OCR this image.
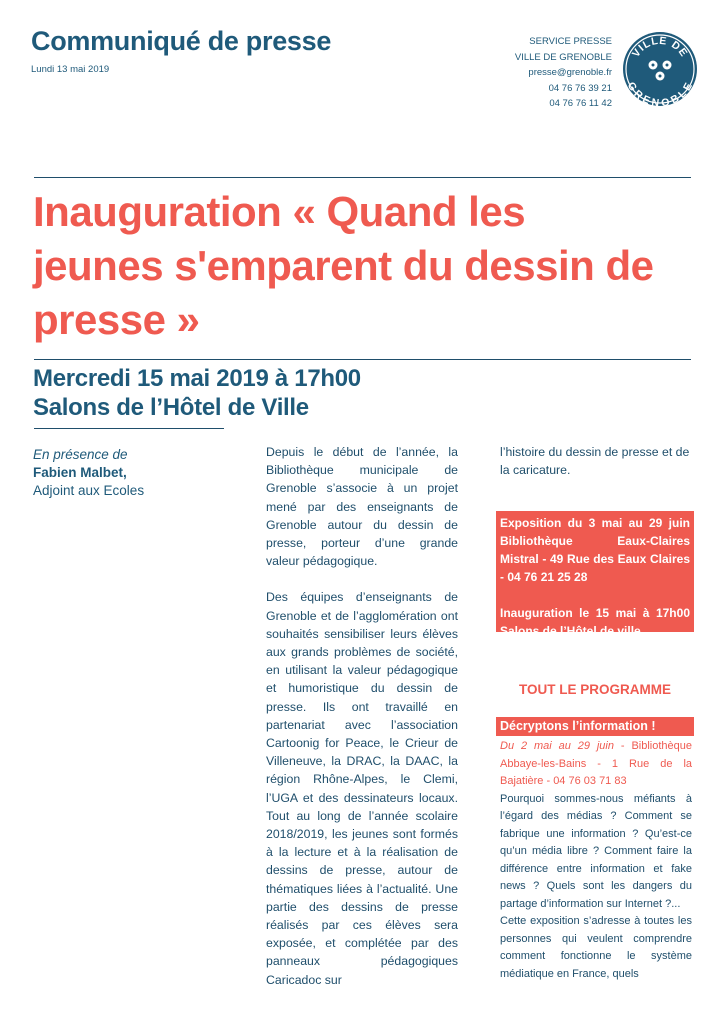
Communiqué de presse
Lundi 13 mai 2019
SERVICE PRESSE
VILLE DE GRENOBLE
presse@grenoble.fr
04 76 76 39 21
04 76 76 11 42
VILLE DE
GRENOBLE
Inauguration « Quand les
jeunes s'emparent du dessin de
presse »
Mercredi 15 mai 2019 à 17h00
Salons de l’Hôtel de Ville
En présence de
Fabien Malbet,
Adjoint aux Ecoles

Depuis le début de l’année, la Bibliothèque municipale de Grenoble s’associe à un projet mené par des enseignants de Grenoble autour du dessin de presse, porteur d’une grande valeur pédagogique.

Des équipes d’enseignants de Grenoble et de l’agglomération ont souhaités sensibiliser leurs élèves aux grands problèmes de société, en utilisant la valeur pédagogique et humoristique du dessin de presse. Ils ont travaillé en partenariat avec l’association Cartoonig for Peace, le Crieur de Villeneuve, la DRAC, la DAAC, la région Rhône-Alpes, le Clemi, l’UGA et des dessinateurs locaux. Tout au long de l’année scolaire 2018/2019, les jeunes sont formés à la lecture et à la réalisation de dessins de presse, autour de thématiques liées à l’actualité. Une partie des dessins de presse réalisés par ces élèves sera exposée, et complétée par des panneaux pédagogiques Caricadoc sur

l’histoire du dessin de presse et de la caricature.

Exposition du 3 mai au 29 juin Bibliothèque Eaux-Claires Mistral - 49 Rue des Eaux Claires - 04 76 21 25 28

Inauguration le 15 mai à 17h00 Salons de l’Hôtel de ville

TOUT LE PROGRAMME
Décryptons l’information !

Du 2 mai au 29 juin - Bibliothèque Abbaye-les-Bains - 1 Rue de la Bajatière - 04 76 03 71 83

Pourquoi sommes-nous méfiants à l’égard des médias ? Comment se fabrique une information ? Qu’est-ce qu’un média libre ? Comment faire la différence entre information et fake news ? Quels sont les dangers du partage d’information sur Internet ?...

Cette exposition s’adresse à toutes les personnes qui veulent comprendre comment fonctionne le système médiatique en France, quels
